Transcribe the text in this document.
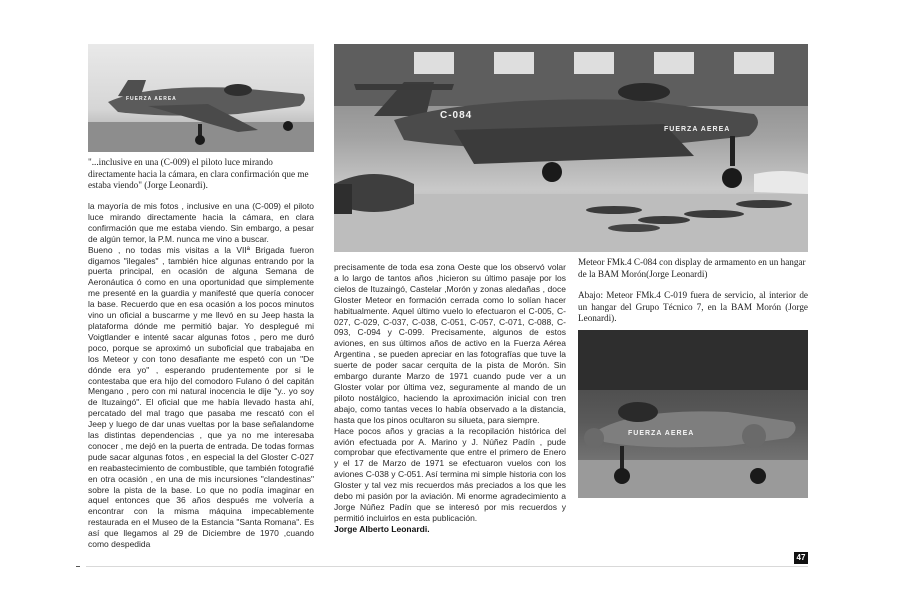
FUERZA AEREA
C-084
FUERZA AEREA
FUERZA AEREA
"...inclusive en una (C-009) el piloto luce mirando directamente hacia la cámara, en clara confirmación que me estaba viendo" (Jorge Leonardi).
Meteor FMk.4 C-084 con display de armamento en un hangar de la BAM Morón(Jorge Leonardi)
Abajo: Meteor FMk.4 C-019 fuera de servicio, al interior de un hangar del Grupo Técnico 7, en la BAM Morón (Jorge Leonardi).

la mayoría de mis fotos , inclusive en una (C-009) el piloto luce mirando directamente hacia la cámara, en clara confirmación que me estaba viendo. Sin embargo, a pesar de algún temor, la P.M. nunca me vino a buscar.

Bueno , no todas mis visitas a la VIIª Brigada fueron digamos "ilegales" , también hice algunas entrando por la puerta principal, en ocasión de alguna Semana de Aeronáutica ó como en una oportunidad que simplemente me presenté en la guardia y manifesté que quería conocer la base. Recuerdo que en esa ocasión a los pocos minutos vino un oficial a buscarme y me llevó en su Jeep hasta la plataforma dónde me permitió bajar. Yo desplegué mi Voigtlander e intenté sacar algunas fotos , pero me duró poco, porque se aproximó un suboficial que trabajaba en los Meteor y con tono desafiante me espetó con un "De dónde era yo" , esperando prudentemente por si le contestaba que era hijo del comodoro Fulano ó del capitán Mengano , pero con mi natural inocencia le dije "y.. yo soy de Ituzaingó". El oficial que me había llevado hasta ahí, percatado del mal trago que pasaba me rescató con el Jeep y luego de dar unas vueltas por la base señalandome las distintas dependencias , que ya no me interesaba conocer , me dejó en la puerta de entrada. De todas formas pude sacar algunas fotos , en especial la del Gloster C-027 en reabastecimiento de combustible, que también fotografié en otra ocasión , en una de mis incursiones "clandestinas" sobre la pista de la base. Lo que no podía imaginar en aquel entonces que 36 años después me volvería a encontrar con la misma máquina impecablemente restaurada en el Museo de la Estancia "Santa Romana". Es así que llegamos al 29 de Diciembre de 1970 ,cuando como despedida

precisamente de toda esa zona Oeste que los observó volar a lo largo de tantos años ,hicieron su último pasaje por los cielos de Ituzaingó, Castelar ,Morón y zonas aledañas , doce Gloster Meteor en formación cerrada como lo solían hacer habitualmente. Aquel último vuelo lo efectuaron el C-005, C-027, C-029, C-037, C-038, C-051, C-057, C-071, C-088, C-093, C-094 y C-099. Precisamente, algunos de estos aviones, en sus últimos años de activo en la Fuerza Aérea Argentina , se pueden apreciar en las fotografías que tuve la suerte de poder sacar cerquita de la pista de Morón. Sin embargo durante Marzo de 1971 cuando pude ver a un Gloster volar por última vez, seguramente al mando de un piloto nostálgico, haciendo la aproximación inicial con tren abajo, como tantas veces lo había observado a la distancia, hasta que los pinos ocultaron su silueta, para siempre.

Hace pocos años y gracias a la recopilación histórica del avión efectuada por A. Marino y J. Núñez Padín , pude comprobar que efectivamente que entre el primero de Enero y el 17 de Marzo de 1971 se efectuaron vuelos con los aviones C-038 y C-051. Así termina mi simple historia con los Gloster y tal vez mis recuerdos más preciados a los que les debo mi pasión por la aviación. Mi enorme agradecimiento a Jorge Núñez Padín que se interesó por mis recuerdos y permitió incluirlos en esta publicación.

Jorge Alberto Leonardi.

47
